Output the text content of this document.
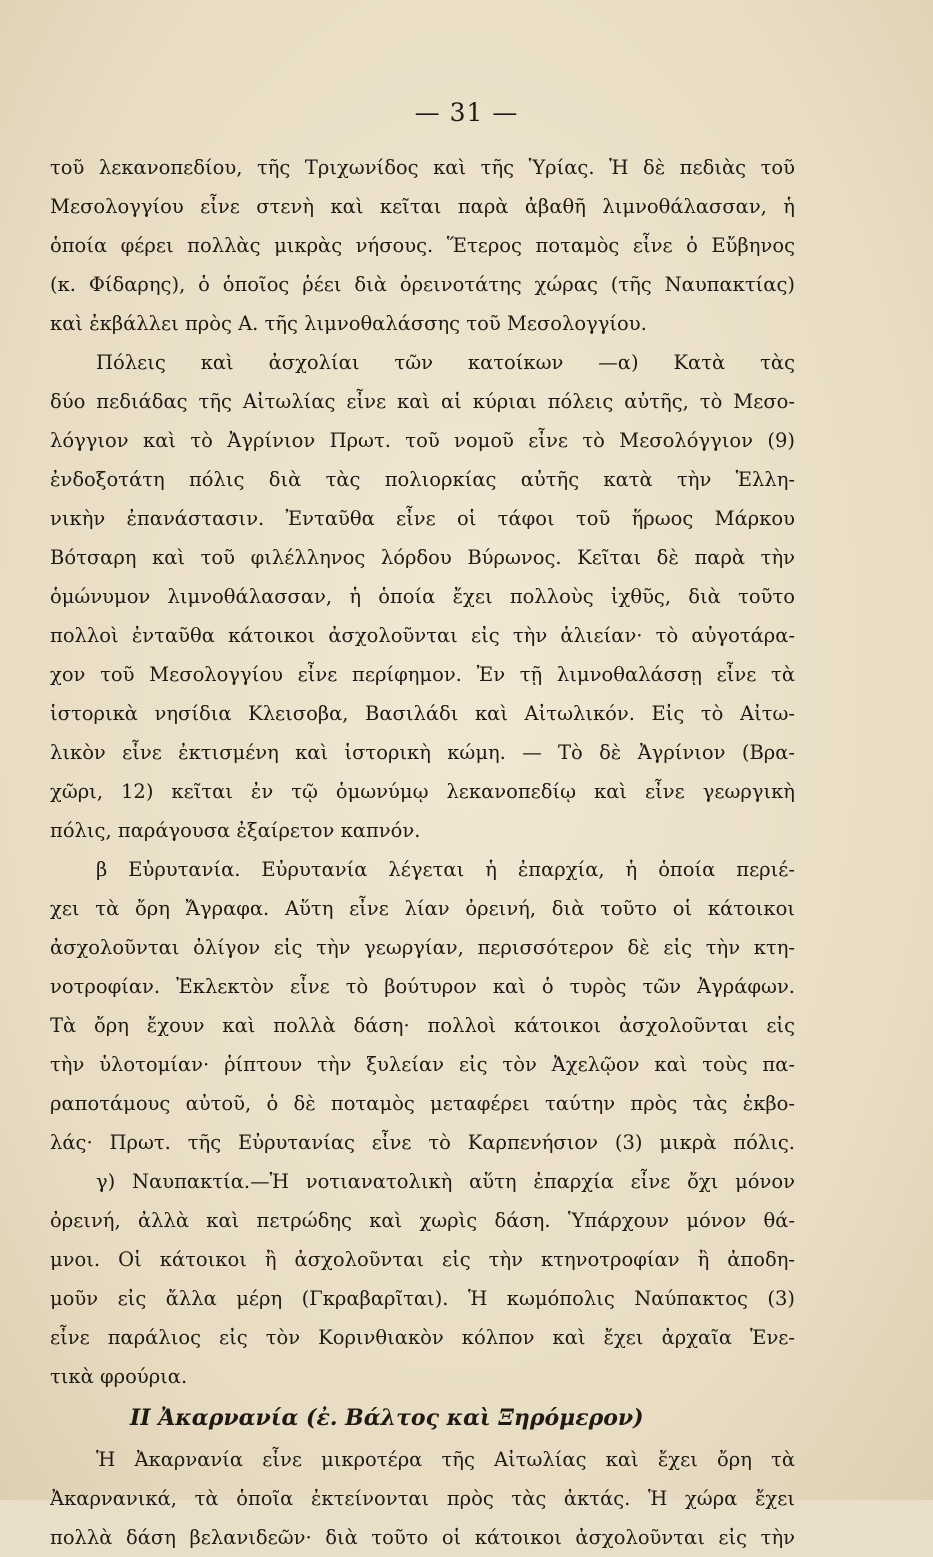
— 31 —
τοῦ λεκανοπεδίου, τῆς Τριχωνίδος καὶ τῆς Ὑρίας. Ἡ δὲ πεδιὰς τοῦ
Μεσολογγίου εἶνε στενὴ καὶ κεῖται παρὰ ἀβαθῆ λιμνοθάλασσαν, ἡ
ὁποία φέρει πολλὰς μικρὰς νήσους. Ἕτερος ποταμὸς εἶνε ὁ Εὔβηνος
(κ. Φίδαρης), ὁ ὁποῖος ῥέει διὰ ὀρεινοτάτης χώρας (τῆς Ναυπακτίας)
καὶ ἐκβάλλει πρὸς Α. τῆς λιμνοθαλάσσης τοῦ Μεσολογγίου.
Πόλεις καὶ ἀσχολίαι τῶν κατοίκων —α) Κατὰ τὰς
δύο πεδιάδας τῆς Αἰτωλίας εἶνε καὶ αἱ κύριαι πόλεις αὐτῆς, τὸ Μεσο-
λόγγιον καὶ τὸ Ἀγρίνιον Πρωτ. τοῦ νομοῦ εἶνε τὸ Μεσολόγγιον (9)
ἐνδοξοτάτη πόλις διὰ τὰς πολιορκίας αὐτῆς κατὰ τὴν Ἑλλη-
νικὴν ἐπανάστασιν. Ἐνταῦθα εἶνε οἱ τάφοι τοῦ ἥρωος Μάρκου
Βότσαρη καὶ τοῦ φιλέλληνος λόρδου Βύρωνος. Κεῖται δὲ παρὰ τὴν
ὁμώνυμον λιμνοθάλασσαν, ἡ ὁποία ἔχει πολλοὺς ἰχθῦς, διὰ τοῦτο
πολλοὶ ἐνταῦθα κάτοικοι ἀσχολοῦνται εἰς τὴν ἁλιείαν· τὸ αὐγοτάρα-
χον τοῦ Μεσολογγίου εἶνε περίφημον. Ἐν τῇ λιμνοθαλάσσῃ εἶνε τὰ
ἱστορικὰ νησίδια Κλεισοβα, Βασιλάδι καὶ Αἰτωλικόν. Εἰς τὸ Αἰτω-
λικὸν εἶνε ἐκτισμένη καὶ ἱστορικὴ κώμη. — Τὸ δὲ Ἀγρίνιον (Βρα-
χῶρι, 12) κεῖται ἐν τῷ ὁμωνύμῳ λεκανοπεδίῳ καὶ εἶνε γεωργικὴ
πόλις, παράγουσα ἐξαίρετον καπνόν.
β Εὐρυτανία. Εὐρυτανία λέγεται ἡ ἐπαρχία, ἡ ὁποία περιέ-
χει τὰ ὄρη Ἄγραφα. Αὕτη εἶνε λίαν ὀρεινή, διὰ τοῦτο οἱ κάτοικοι
ἀσχολοῦνται ὀλίγον εἰς τὴν γεωργίαν, περισσότερον δὲ εἰς τὴν κτη-
νοτροφίαν. Ἐκλεκτὸν εἶνε τὸ βούτυρον καὶ ὁ τυρὸς τῶν Ἀγράφων.
Τὰ ὄρη ἔχουν καὶ πολλὰ δάση· πολλοὶ κάτοικοι ἀσχολοῦνται εἰς
τὴν ὑλοτομίαν· ῥίπτουν τὴν ξυλείαν εἰς τὸν Ἀχελῷον καὶ τοὺς πα-
ραποτάμους αὐτοῦ, ὁ δὲ ποταμὸς μεταφέρει ταύτην πρὸς τὰς ἐκβο-
λάς· Πρωτ. τῆς Εὐρυτανίας εἶνε τὸ Καρπενήσιον (3) μικρὰ πόλις.
γ) Ναυπακτία.—Ἡ νοτιανατολικὴ αὕτη ἐπαρχία εἶνε ὄχι μόνον
ὀρεινή, ἀλλὰ καὶ πετρώδης καὶ χωρὶς δάση. Ὑπάρχουν μόνον θά-
μνοι. Οἱ κάτοικοι ἢ ἀσχολοῦνται εἰς τὴν κτηνοτροφίαν ἢ ἀποδη-
μοῦν εἰς ἄλλα μέρη (Γκραβαρῖται). Ἡ κωμόπολις Ναύπακτος (3)
εἶνε παράλιος εἰς τὸν Κορινθιακὸν κόλπον καὶ ἔχει ἀρχαῖα Ἑνε-
τικὰ φρούρια.
ΙΙ Ἀκαρνανία (ἐ. Βάλτος καὶ Ξηρόμερον)
Ἡ Ἀκαρνανία εἶνε μικροτέρα τῆς Αἰτωλίας καὶ ἔχει ὄρη τὰ
Ἀκαρνανικά, τὰ ὁποῖα ἐκτείνονται πρὸς τὰς ἀκτάς. Ἡ χώρα ἔχει
πολλὰ δάση βελανιδεῶν· διὰ τοῦτο οἱ κάτοικοι ἀσχολοῦνται εἰς τὴν
